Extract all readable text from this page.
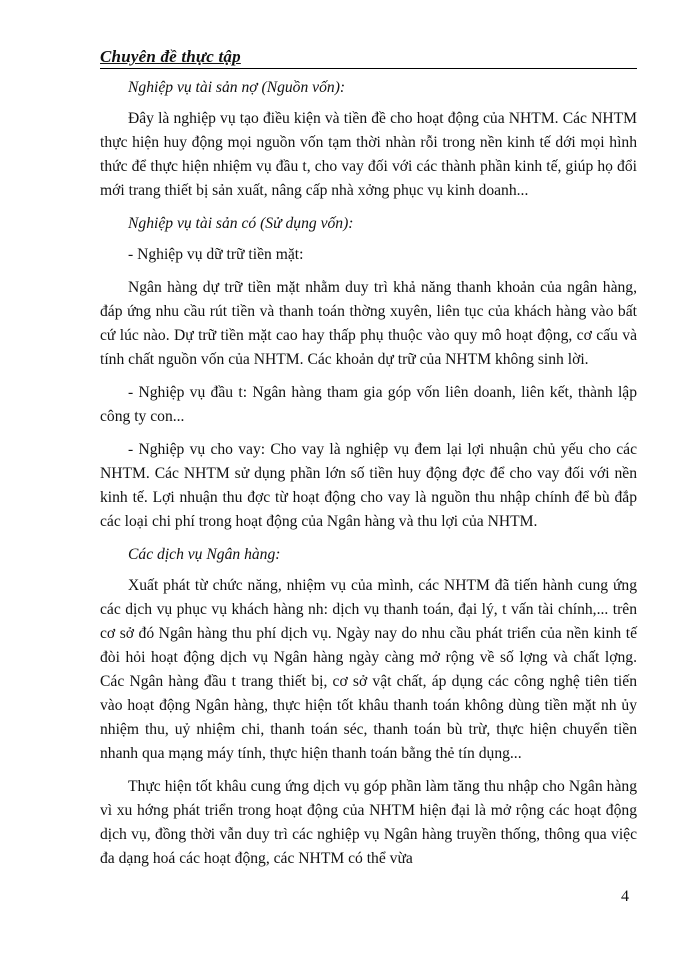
Chuyên đề thực tập

Nghiệp vụ tài sản nợ (Nguồn vốn):

Đây là nghiệp vụ tạo điều kiện và tiền đề cho hoạt động của NHTM. Các NHTM thực hiện huy động mọi nguồn vốn tạm thời nhàn rỗi trong nền kinh tế dới mọi hình thức để thực hiện nhiệm vụ đầu t, cho vay đối với các thành phần kinh tế, giúp họ đổi mới trang thiết bị sản xuất, nâng cấp nhà xởng phục vụ kinh doanh...

Nghiệp vụ tài sản có (Sử dụng vốn):

- Nghiệp vụ dữ trữ tiền mặt:

Ngân hàng dự trữ tiền mặt nhằm duy trì khả năng thanh khoản của ngân hàng, đáp ứng nhu cầu rút tiền và thanh toán thờng xuyên, liên tục của khách hàng vào bất cứ lúc nào. Dự trữ tiền mặt cao hay thấp phụ thuộc vào quy mô hoạt động, cơ cấu và tính chất nguồn vốn của NHTM. Các khoản dự trữ của NHTM không sinh lời.

- Nghiệp vụ đầu t: Ngân hàng tham gia góp vốn liên doanh, liên kết, thành lập công ty con...

- Nghiệp vụ cho vay: Cho vay là nghiệp vụ đem lại lợi nhuận chủ yếu cho các NHTM. Các NHTM sử dụng phần lớn số tiền huy động đợc để cho vay đối với nền kinh tế. Lợi nhuận thu đợc từ hoạt động cho vay là nguồn thu nhập chính để bù đắp các loại chi phí trong hoạt động của Ngân hàng và thu lợi của NHTM.

Các dịch vụ Ngân hàng:

Xuất phát từ chức năng, nhiệm vụ của mình, các NHTM đã tiến hành cung ứng các dịch vụ phục vụ khách hàng nh: dịch vụ thanh toán, đại lý, t vấn tài chính,... trên cơ sở đó Ngân hàng thu phí dịch vụ. Ngày nay do nhu cầu phát triển của nền kinh tế đòi hỏi hoạt động dịch vụ Ngân hàng ngày càng mở rộng về số lợng và chất lợng. Các Ngân hàng đầu t trang thiết bị, cơ sở vật chất, áp dụng các công nghệ tiên tiến vào hoạt động Ngân hàng, thực hiện tốt khâu thanh toán không dùng tiền mặt nh ủy nhiệm thu, uỷ nhiệm chi, thanh toán séc, thanh toán bù trừ, thực hiện chuyển tiền nhanh qua mạng máy tính, thực hiện thanh toán bằng thẻ tín dụng...

Thực hiện tốt khâu cung ứng dịch vụ góp phần làm tăng thu nhập cho Ngân hàng vì xu hớng phát triển trong hoạt động của NHTM hiện đại là mở rộng các hoạt động dịch vụ, đồng thời vẫn duy trì các nghiệp vụ Ngân hàng truyền thống, thông qua việc đa dạng hoá các hoạt động, các NHTM có thể vừa

4
